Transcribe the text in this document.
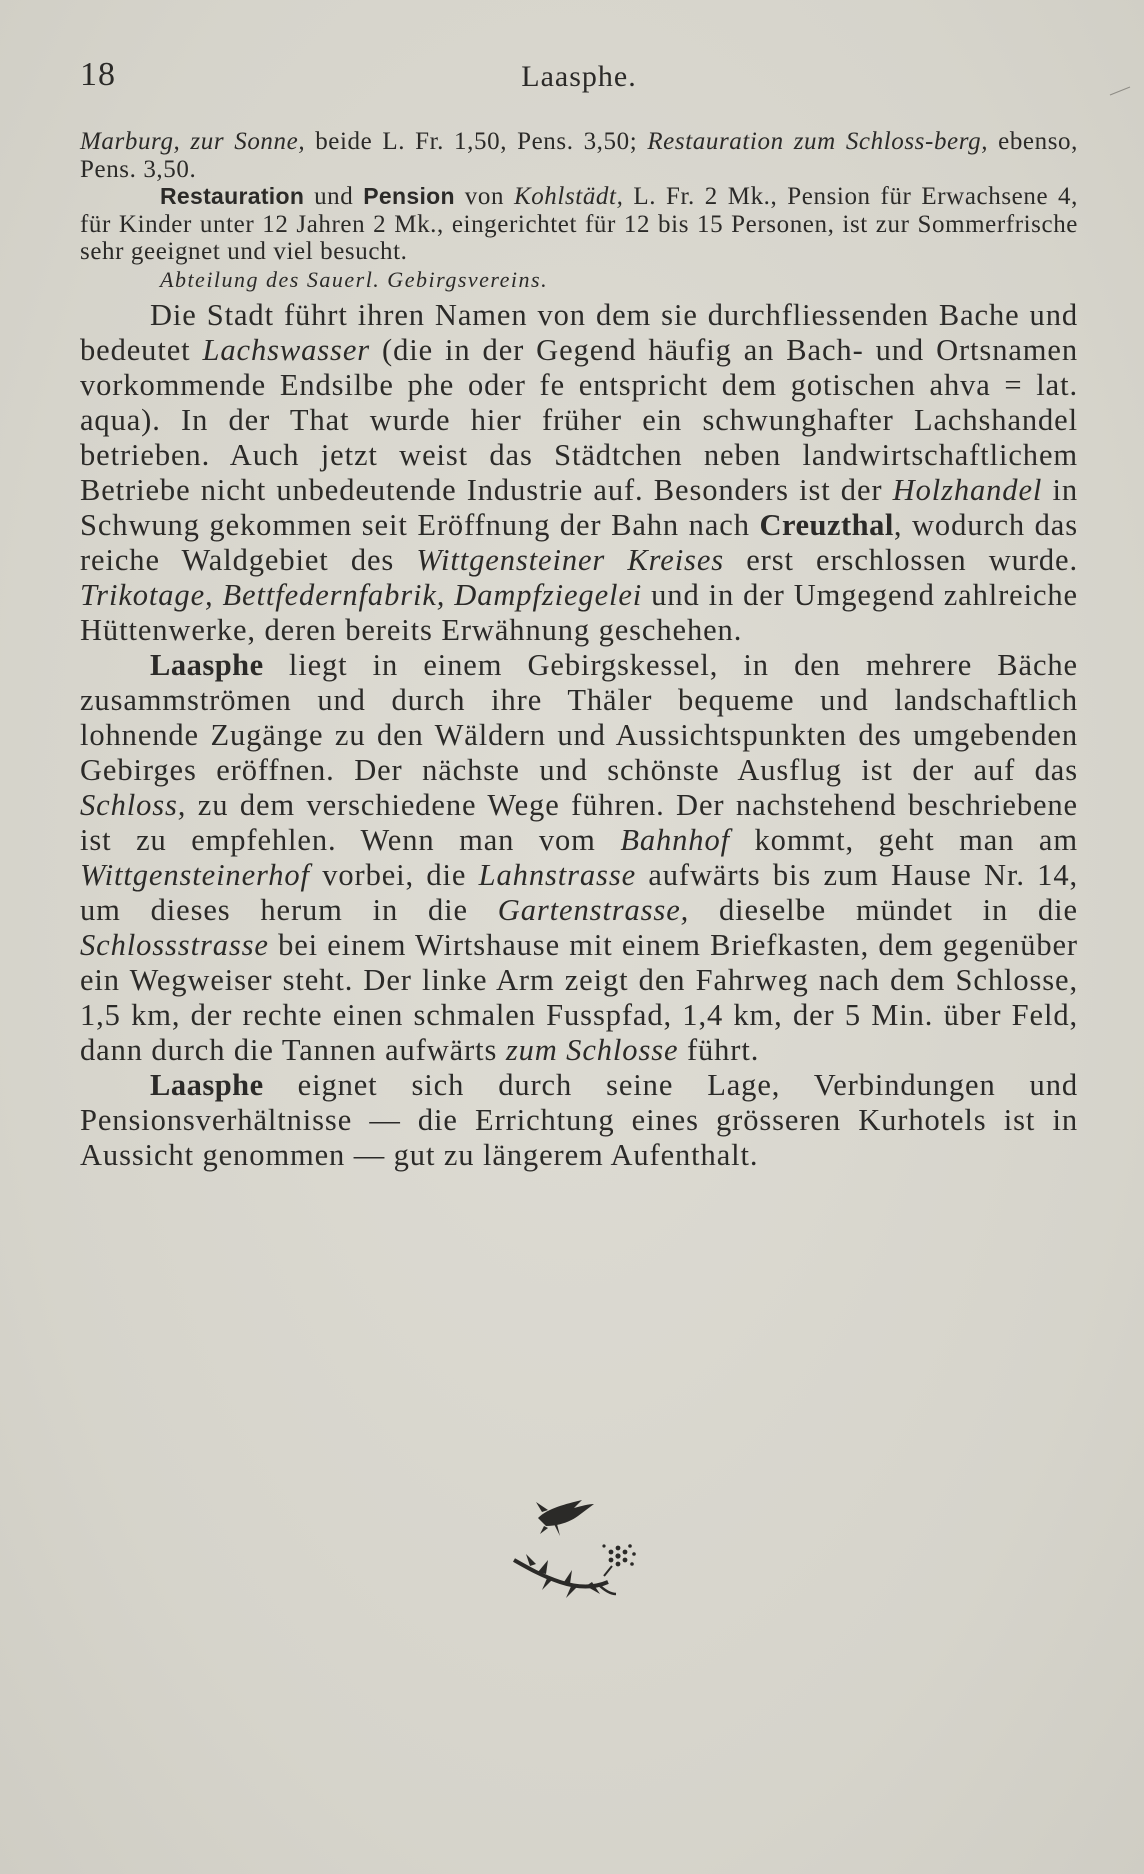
18	Laasphe.

Marburg, zur Sonne, beide L. Fr. 1,50, Pens. 3,50; Restauration zum Schloss-berg, ebenso, Pens. 3,50.

Restauration und Pension von Kohlstädt, L. Fr. 2 Mk., Pension für Erwachsene 4, für Kinder unter 12 Jahren 2 Mk., eingerichtet für 12 bis 15 Personen, ist zur Sommerfrische sehr geeignet und viel besucht.

Abteilung des Sauerl. Gebirgsvereins.

Die Stadt führt ihren Namen von dem sie durchfliessenden Bache und bedeutet Lachswasser (die in der Gegend häufig an Bach- und Ortsnamen vorkommende Endsilbe phe oder fe entspricht dem gotischen ahva = lat. aqua). In der That wurde hier früher ein schwunghafter Lachshandel betrieben. Auch jetzt weist das Städtchen neben landwirtschaftlichem Betriebe nicht unbedeutende Industrie auf. Besonders ist der Holzhandel in Schwung gekommen seit Eröffnung der Bahn nach Creuzthal, wodurch das reiche Waldgebiet des Wittgensteiner Kreises erst erschlossen wurde. Trikotage, Bettfedernfabrik, Dampfziegelei und in der Umgegend zahlreiche Hüttenwerke, deren bereits Erwähnung geschehen.

Laasphe liegt in einem Gebirgskessel, in den mehrere Bäche zusammströmen und durch ihre Thäler bequeme und landschaftlich lohnende Zugänge zu den Wäldern und Aussichtspunkten des umgebenden Gebirges eröffnen. Der nächste und schönste Ausflug ist der auf das Schloss, zu dem verschiedene Wege führen. Der nachstehend beschriebene ist zu empfehlen. Wenn man vom Bahnhof kommt, geht man am Wittgensteinerhof vorbei, die Lahnstrasse aufwärts bis zum Hause Nr. 14, um dieses herum in die Gartenstrasse, dieselbe mündet in die Schlossstrasse bei einem Wirtshause mit einem Briefkasten, dem gegenüber ein Wegweiser steht. Der linke Arm zeigt den Fahrweg nach dem Schlosse, 1,5 km, der rechte einen schmalen Fusspfad, 1,4 km, der 5 Min. über Feld, dann durch die Tannen aufwärts zum Schlosse führt.

Laasphe eignet sich durch seine Lage, Verbindungen und Pensionsverhältnisse — die Errichtung eines grösseren Kurhotels ist in Aussicht genommen — gut zu längerem Aufenthalt.
